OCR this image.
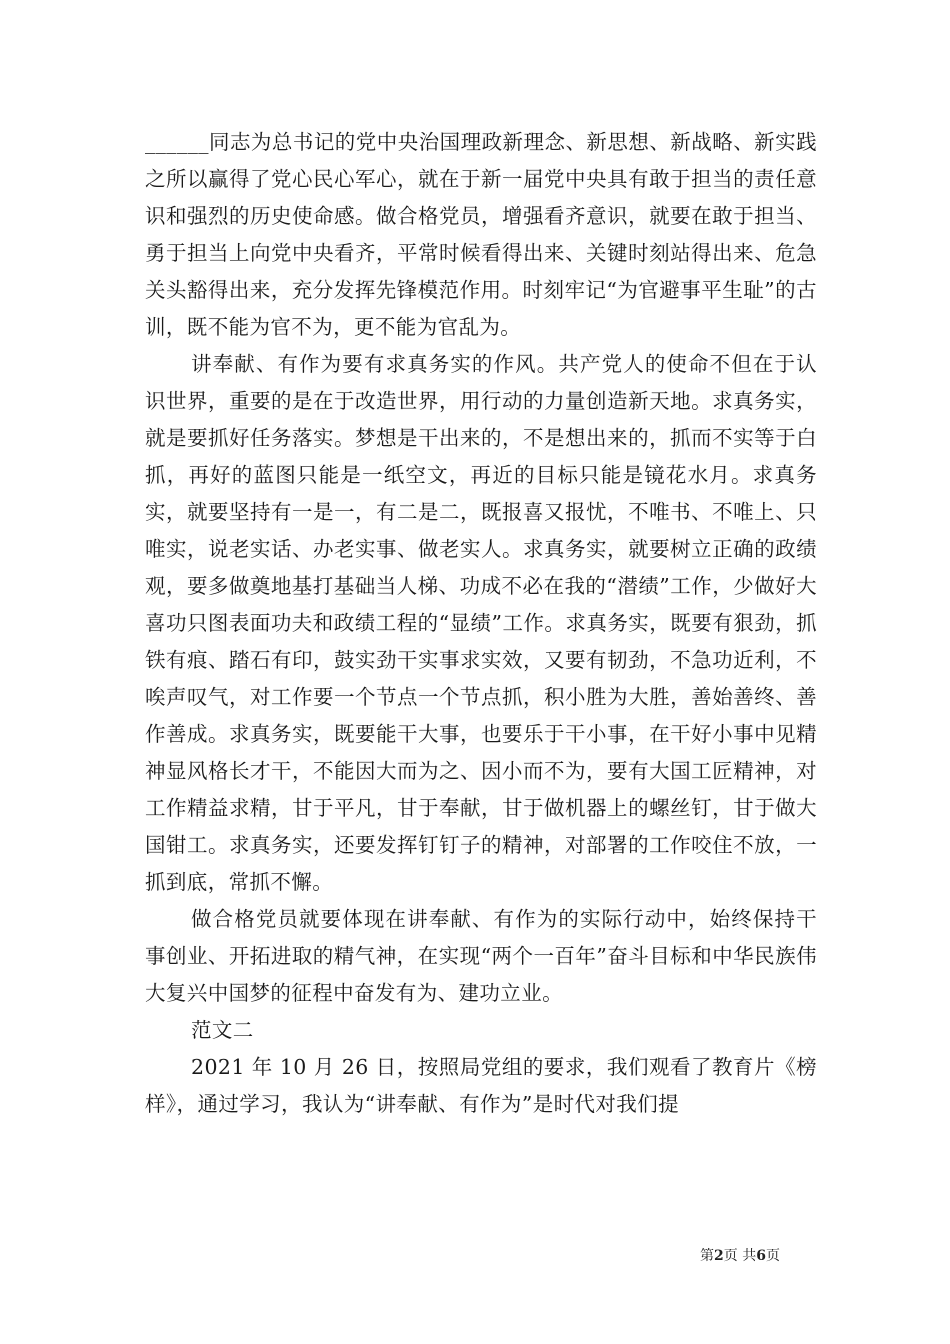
______同志为总书记的党中央治国理政新理念、新思想、新战略、新实践之所以赢得了党心民心军心，就在于新一届党中央具有敢于担当的责任意识和强烈的历史使命感。做合格党员，增强看齐意识，就要在敢于担当、勇于担当上向党中央看齐，平常时候看得出来、关键时刻站得出来、危急关头豁得出来，充分发挥先锋模范作用。时刻牢记“为官避事平生耻”的古训，既不能为官不为，更不能为官乱为。

讲奉献、有作为要有求真务实的作风。共产党人的使命不但在于认识世界，重要的是在于改造世界，用行动的力量创造新天地。求真务实，就是要抓好任务落实。梦想是干出来的，不是想出来的，抓而不实等于白抓，再好的蓝图只能是一纸空文，再近的目标只能是镜花水月。求真务实，就要坚持有一是一，有二是二，既报喜又报忧，不唯书、不唯上、只唯实，说老实话、办老实事、做老实人。求真务实，就要树立正确的政绩观，要多做奠地基打基础当人梯、功成不必在我的“潜绩”工作，少做好大喜功只图表面功夫和政绩工程的“显绩”工作。求真务实，既要有狠劲，抓铁有痕、踏石有印，鼓实劲干实事求实效，又要有韧劲，不急功近利，不唉声叹气，对工作要一个节点一个节点抓，积小胜为大胜，善始善终、善作善成。求真务实，既要能干大事，也要乐于干小事，在干好小事中见精神显风格长才干，不能因大而为之、因小而不为，要有大国工匠精神，对工作精益求精，甘于平凡，甘于奉献，甘于做机器上的螺丝钉，甘于做大国钳工。求真务实，还要发挥钉钉子的精神，对部署的工作咬住不放，一抓到底，常抓不懈。

做合格党员就要体现在讲奉献、有作为的实际行动中，始终保持干事创业、开拓进取的精气神，在实现“两个一百年”奋斗目标和中华民族伟大复兴中国梦的征程中奋发有为、建功立业。

范文二

2021 年 10 月 26 日，按照局党组的要求，我们观看了教育片《榜样》，通过学习，我认为“讲奉献、有作为”是时代对我们提

第2页 共6页
